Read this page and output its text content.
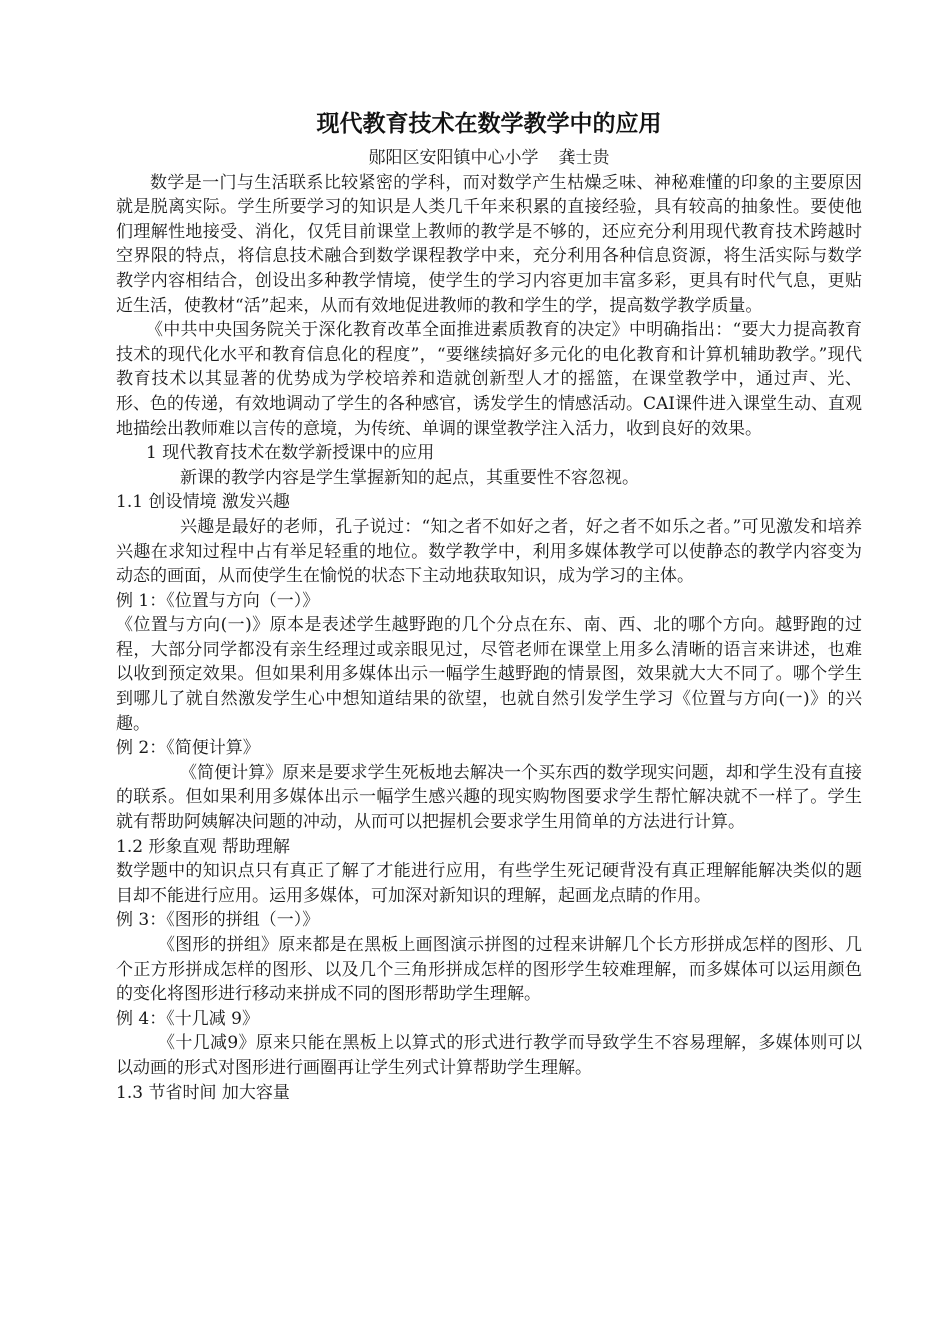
现代教育技术在数学教学中的应用

郧阳区安阳镇中心小学 龚士贵

数学是一门与生活联系比较紧密的学科，而对数学产生枯燥乏味、神秘难懂的印象的主要原因就是脱离实际。学生所要学习的知识是人类几千年来积累的直接经验，具有较高的抽象性。要使他们理解性地接受、消化，仅凭目前课堂上教师的教学是不够的，还应充分利用现代教育技术跨越时空界限的特点，将信息技术融合到数学课程教学中来，充分利用各种信息资源，将生活实际与数学教学内容相结合，创设出多种教学情境，使学生的学习内容更加丰富多彩，更具有时代气息，更贴近生活，使教材“活”起来，从而有效地促进教师的教和学生的学，提高数学教学质量。

《中共中央国务院关于深化教育改革全面推进素质教育的决定》中明确指出：“要大力提高教育技术的现代化水平和教育信息化的程度”，“要继续搞好多元化的电化教育和计算机辅助教学。”现代教育技术以其显著的优势成为学校培养和造就创新型人才的摇篮，在课堂教学中，通过声、光、形、色的传递，有效地调动了学生的各种感官，诱发学生的情感活动。CAI课件进入课堂生动、直观地描绘出教师难以言传的意境，为传统、单调的课堂教学注入活力，收到良好的效果。

1 现代教育技术在数学新授课中的应用

新课的教学内容是学生掌握新知的起点，其重要性不容忽视。

1.1 创设情境 激发兴趣

兴趣是最好的老师，孔子说过：“知之者不如好之者，好之者不如乐之者。”可见激发和培养兴趣在求知过程中占有举足轻重的地位。数学教学中，利用多媒体教学可以使静态的教学内容变为动态的画面，从而使学生在愉悦的状态下主动地获取知识，成为学习的主体。

例 1：《位置与方向（一）》

《位置与方向(一)》原本是表述学生越野跑的几个分点在东、南、西、北的哪个方向。越野跑的过程，大部分同学都没有亲生经理过或亲眼见过，尽管老师在课堂上用多么清晰的语言来讲述，也难以收到预定效果。但如果利用多媒体出示一幅学生越野跑的情景图，效果就大大不同了。哪个学生到哪儿了就自然激发学生心中想知道结果的欲望，也就自然引发学生学习《位置与方向(一)》的兴趣。

例 2：《简便计算》

《简便计算》原来是要求学生死板地去解决一个买东西的数学现实问题，却和学生没有直接的联系。但如果利用多媒体出示一幅学生感兴趣的现实购物图要求学生帮忙解决就不一样了。学生就有帮助阿姨解决问题的冲动，从而可以把握机会要求学生用简单的方法进行计算。

1.2 形象直观 帮助理解

数学题中的知识点只有真正了解了才能进行应用，有些学生死记硬背没有真正理解能解决类似的题目却不能进行应用。运用多媒体，可加深对新知识的理解，起画龙点睛的作用。

例 3：《图形的拼组（一）》

《图形的拼组》原来都是在黑板上画图演示拼图的过程来讲解几个长方形拼成怎样的图形、几个正方形拼成怎样的图形、以及几个三角形拼成怎样的图形学生较难理解，而多媒体可以运用颜色的变化将图形进行移动来拼成不同的图形帮助学生理解。

例 4：《十几减 9》

《十几减9》原来只能在黑板上以算式的形式进行教学而导致学生不容易理解，多媒体则可以以动画的形式对图形进行画圈再让学生列式计算帮助学生理解。

1.3 节省时间 加大容量
